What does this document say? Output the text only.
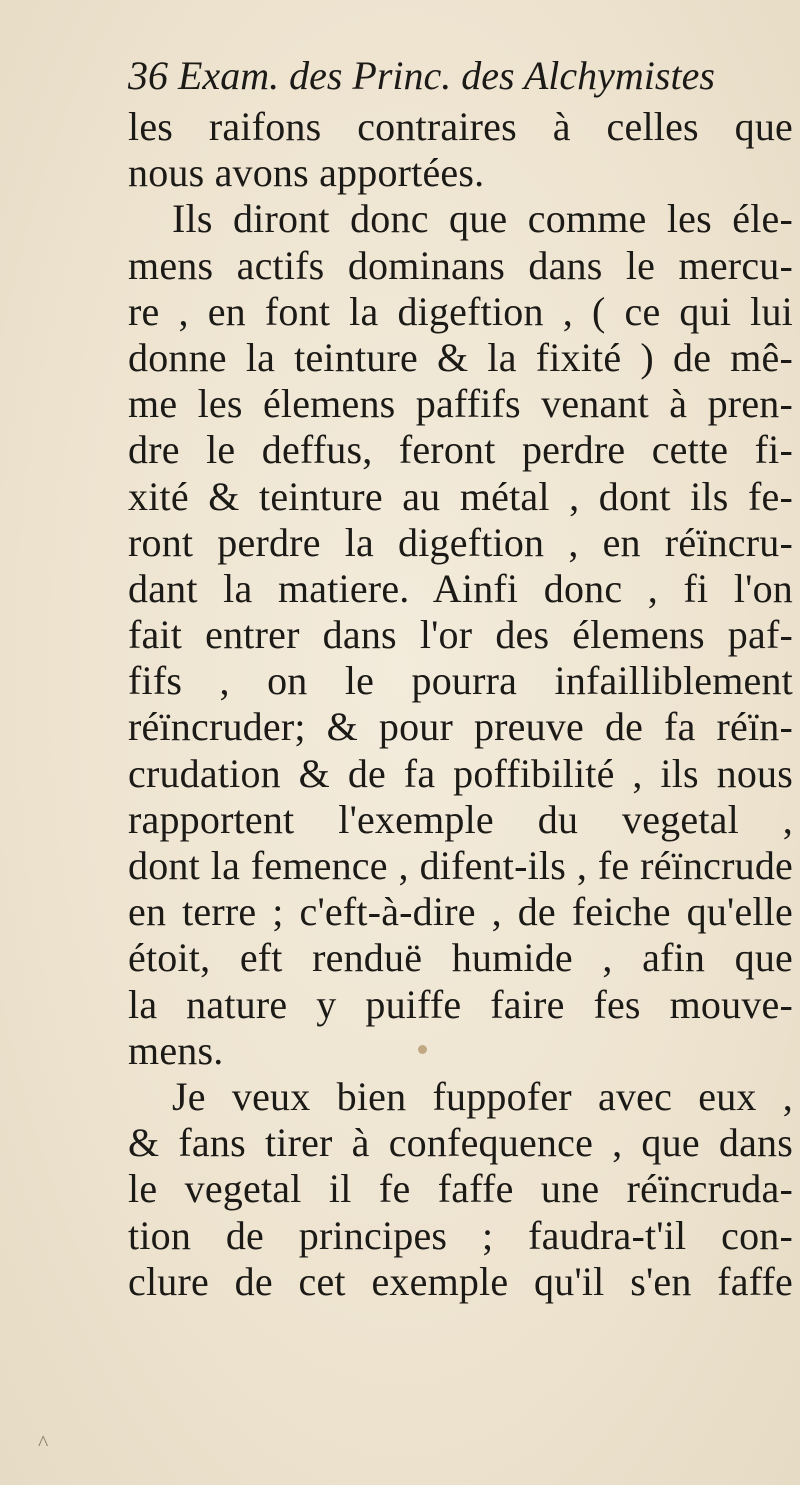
36 Exam. des Princ. des Alchymistes
les raifons contraires à celles que
nous avons apportées.
Ils diront donc que comme les éle-
mens actifs dominans dans le mercu-
re , en font la digeftion , ( ce qui lui
donne la teinture & la fixité ) de mê-
me les élemens paffifs venant à pren-
dre le deffus, feront perdre cette fi-
xité & teinture au métal , dont ils fe-
ront perdre la digeftion , en réïncru-
dant la matiere. Ainfi donc , fi l'on
fait entrer dans l'or des élemens paf-
fifs , on le pourra infailliblement
réïncruder; & pour preuve de fa réïn-
crudation & de fa poffibilité , ils nous
rapportent l'exemple du vegetal ,
dont la femence , difent-ils , fe réïncrude
en terre ; c'eft-à-dire , de feiche qu'elle
étoit, eft renduë humide , afin que
la nature y puiffe faire fes mouve-
mens.
Je veux bien fuppofer avec eux ,
& fans tirer à confequence , que dans
le vegetal il fe faffe une réïncruda-
tion de principes ; faudra-t'il con-
clure de cet exemple qu'il s'en faffe
^
